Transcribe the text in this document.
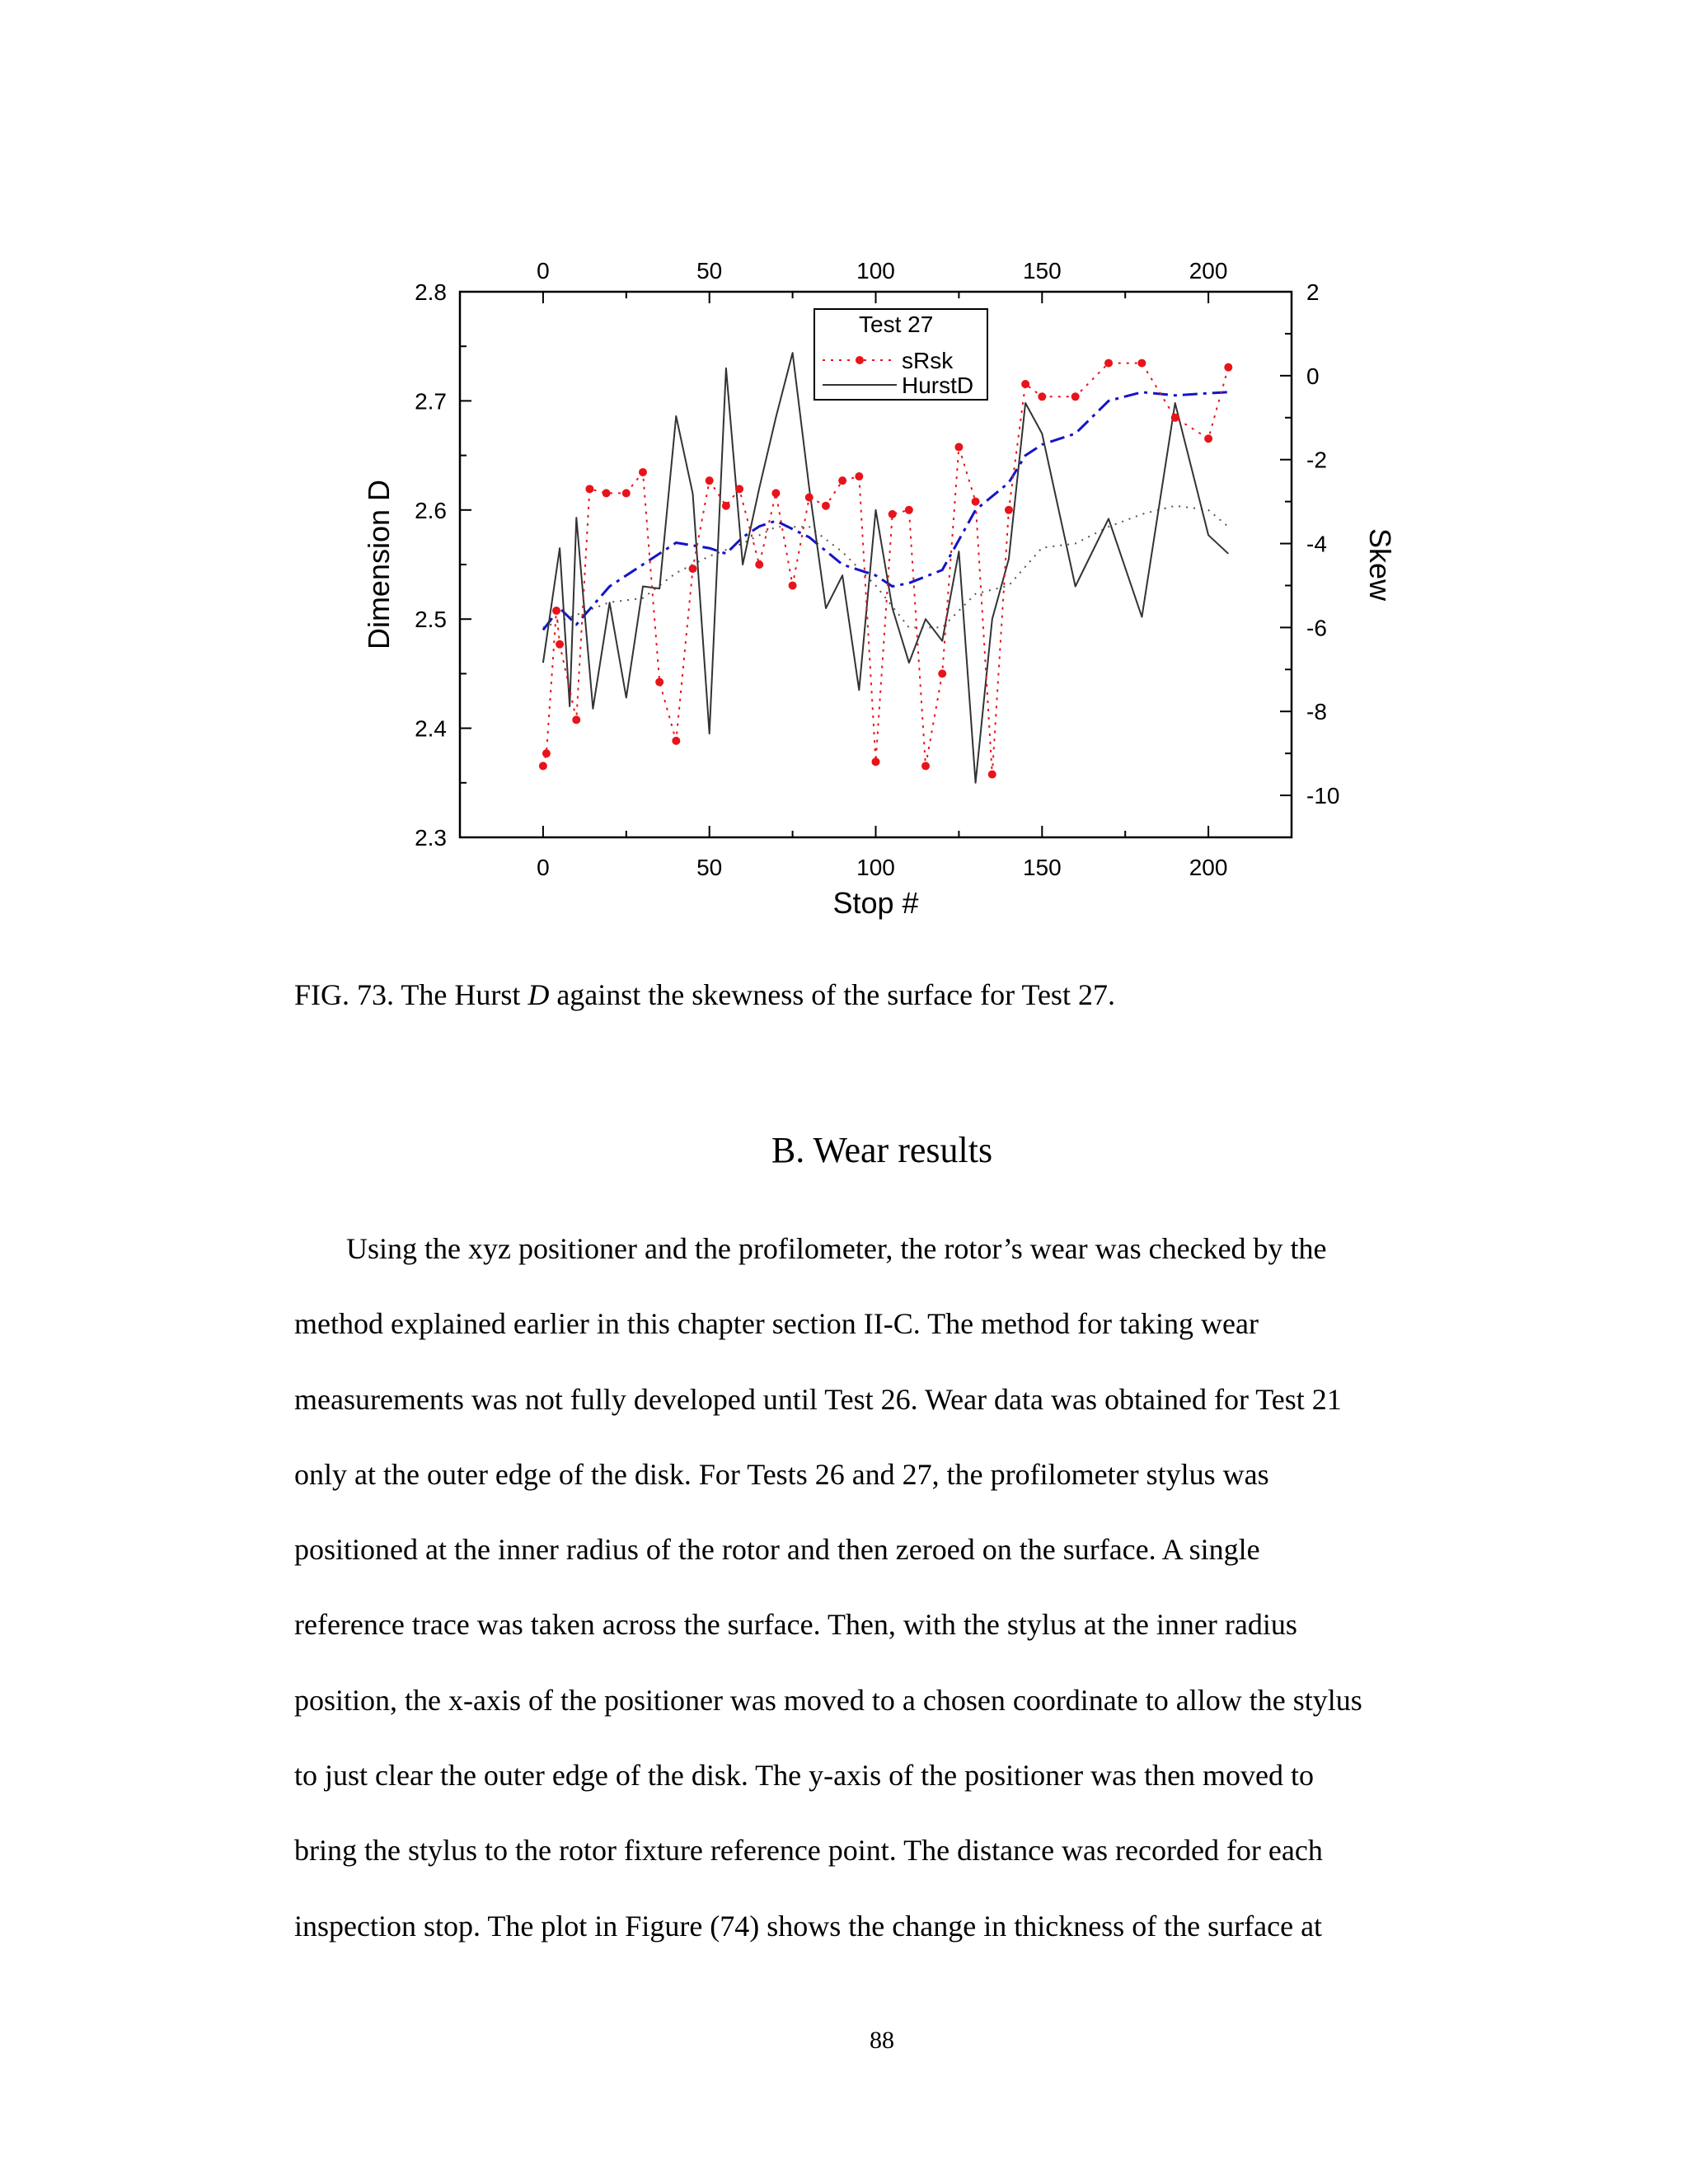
0
0
50
50
100
100
150
150
200
200
2.3
2.4
2.5
2.6
2.7
2.8	2
0
-2
-4
-6
-8
-10
Stop #
Dimension D	Skew
Test 27
sRsk
HurstD
FIG. 73. The Hurst D against the skewness of the surface for Test 27.
B. Wear results
Using the xyz positioner and the profilometer, the rotor’s wear was checked by the
method explained earlier in this chapter section II-C. The method for taking wear
measurements was not fully developed until Test 26. Wear data was obtained for Test 21
only at the outer edge of the disk. For Tests 26 and 27, the profilometer stylus was
positioned at the inner radius of the rotor and then zeroed on the surface. A single
reference trace was taken across the surface. Then, with the stylus at the inner radius
position, the x-axis of the positioner was moved to a chosen coordinate to allow the stylus
to just clear the outer edge of the disk. The y-axis of the positioner was then moved to
bring the stylus to the rotor fixture reference point. The distance was recorded for each
inspection stop. The plot in Figure (74) shows the change in thickness of the surface at
88
